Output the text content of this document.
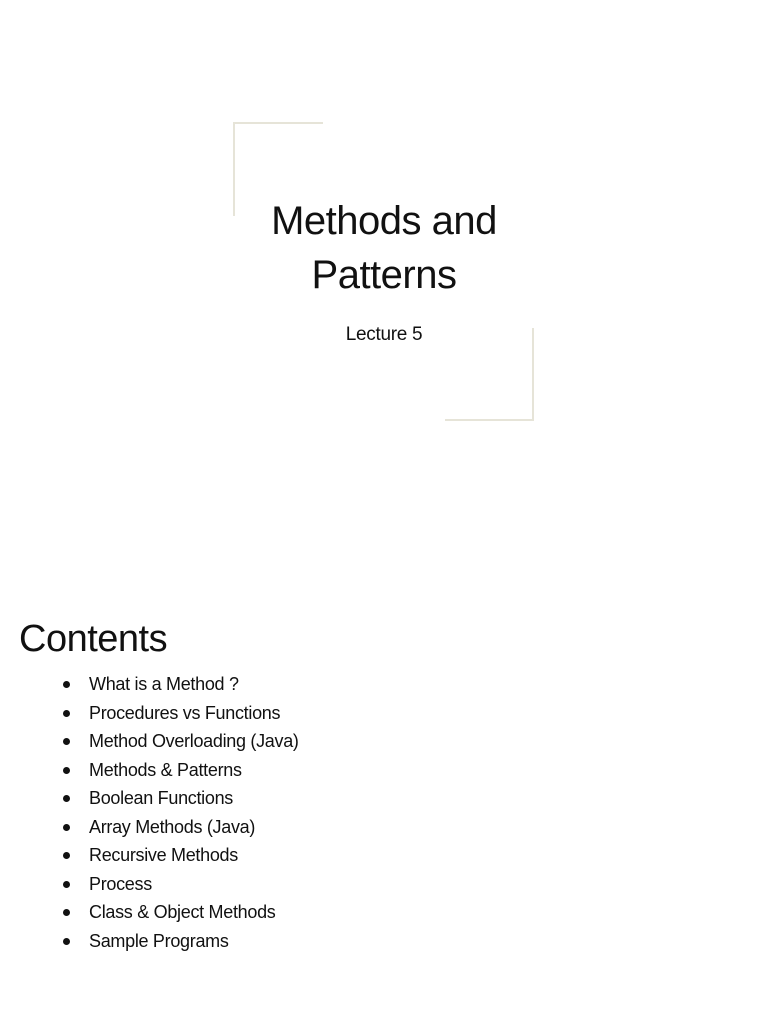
Methods and
Patterns
Lecture 5
Contents
What is a Method ?
Procedures vs Functions
Method Overloading (Java)
Methods & Patterns
Boolean Functions
Array Methods (Java)
Recursive Methods
Process
Class & Object Methods
Sample Programs
